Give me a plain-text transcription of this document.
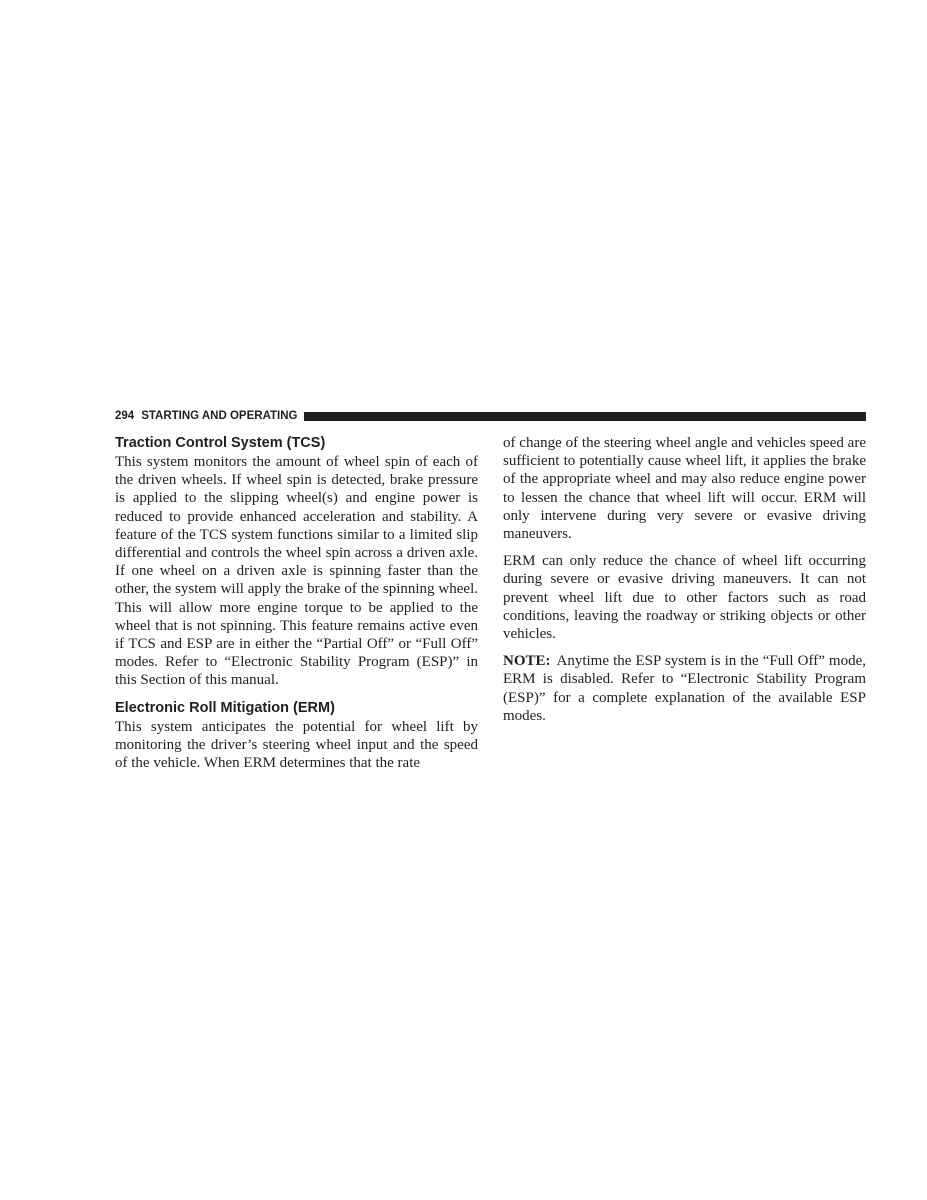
294 STARTING AND OPERATING
Traction Control System (TCS)

This system monitors the amount of wheel spin of each of the driven wheels. If wheel spin is detected, brake pressure is applied to the slipping wheel(s) and engine power is reduced to provide enhanced acceleration and stability. A feature of the TCS system functions similar to a limited slip differential and controls the wheel spin across a driven axle. If one wheel on a driven axle is spinning faster than the other, the system will apply the brake of the spinning wheel. This will allow more engine torque to be applied to the wheel that is not spinning. This feature remains active even if TCS and ESP are in either the “Partial Off” or “Full Off” modes. Refer to “Electronic Stability Program (ESP)” in this Section of this manual.

Electronic Roll Mitigation (ERM)

This system anticipates the potential for wheel lift by monitoring the driver’s steering wheel input and the speed of the vehicle. When ERM determines that the rate

of change of the steering wheel angle and vehicles speed are sufficient to potentially cause wheel lift, it applies the brake of the appropriate wheel and may also reduce engine power to lessen the chance that wheel lift will occur. ERM will only intervene during very severe or evasive driving maneuvers.

ERM can only reduce the chance of wheel lift occurring during severe or evasive driving maneuvers. It can not prevent wheel lift due to other factors such as road conditions, leaving the roadway or striking objects or other vehicles.

NOTE: Anytime the ESP system is in the “Full Off” mode, ERM is disabled. Refer to “Electronic Stability Program (ESP)” for a complete explanation of the available ESP modes.
